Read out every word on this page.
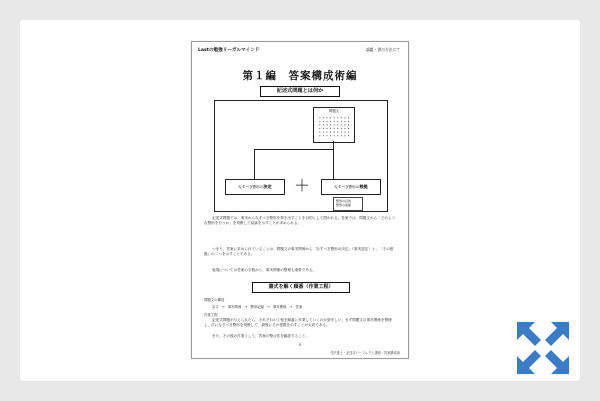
Lastの勉強リーガルマインド	論題・書の方法にて
第１編　答案構成術編
記述式問題とは何か
問題文
なすべき整形の決定	＋	なすべき整形の根拠
整形の目的
整形の前提
記述式問題では、事実からなすべき整形を導き出すことを目的として問われる。答案では、問題文から「どのような整形を行うか」を判断して結論を示すことが求められる。
つまり、答案に求められていることは、問題文の事実関係から「なすべき整形の決定」（事実認定）と、「その根拠」の二つを示すことである。
表現については答案の字数から、事実関係の整理も重要である。
書式を解く順番（作業工程）
問題文の構造
本文 → 事実関係 → 整形記録 → 事実関係 → 答案
作業工程
記述式問題が与えられたら、それぞれの工程を順番に作業していくのが望ましい。まず問題文の事実関係を整理し、次になすべき整形を判断して、最後にその根拠を示すことが大切である。
また、その後の作業として、答案の整合性を確認すること。
5
司法書士・記述式パーフェクト講座・答案構成術
